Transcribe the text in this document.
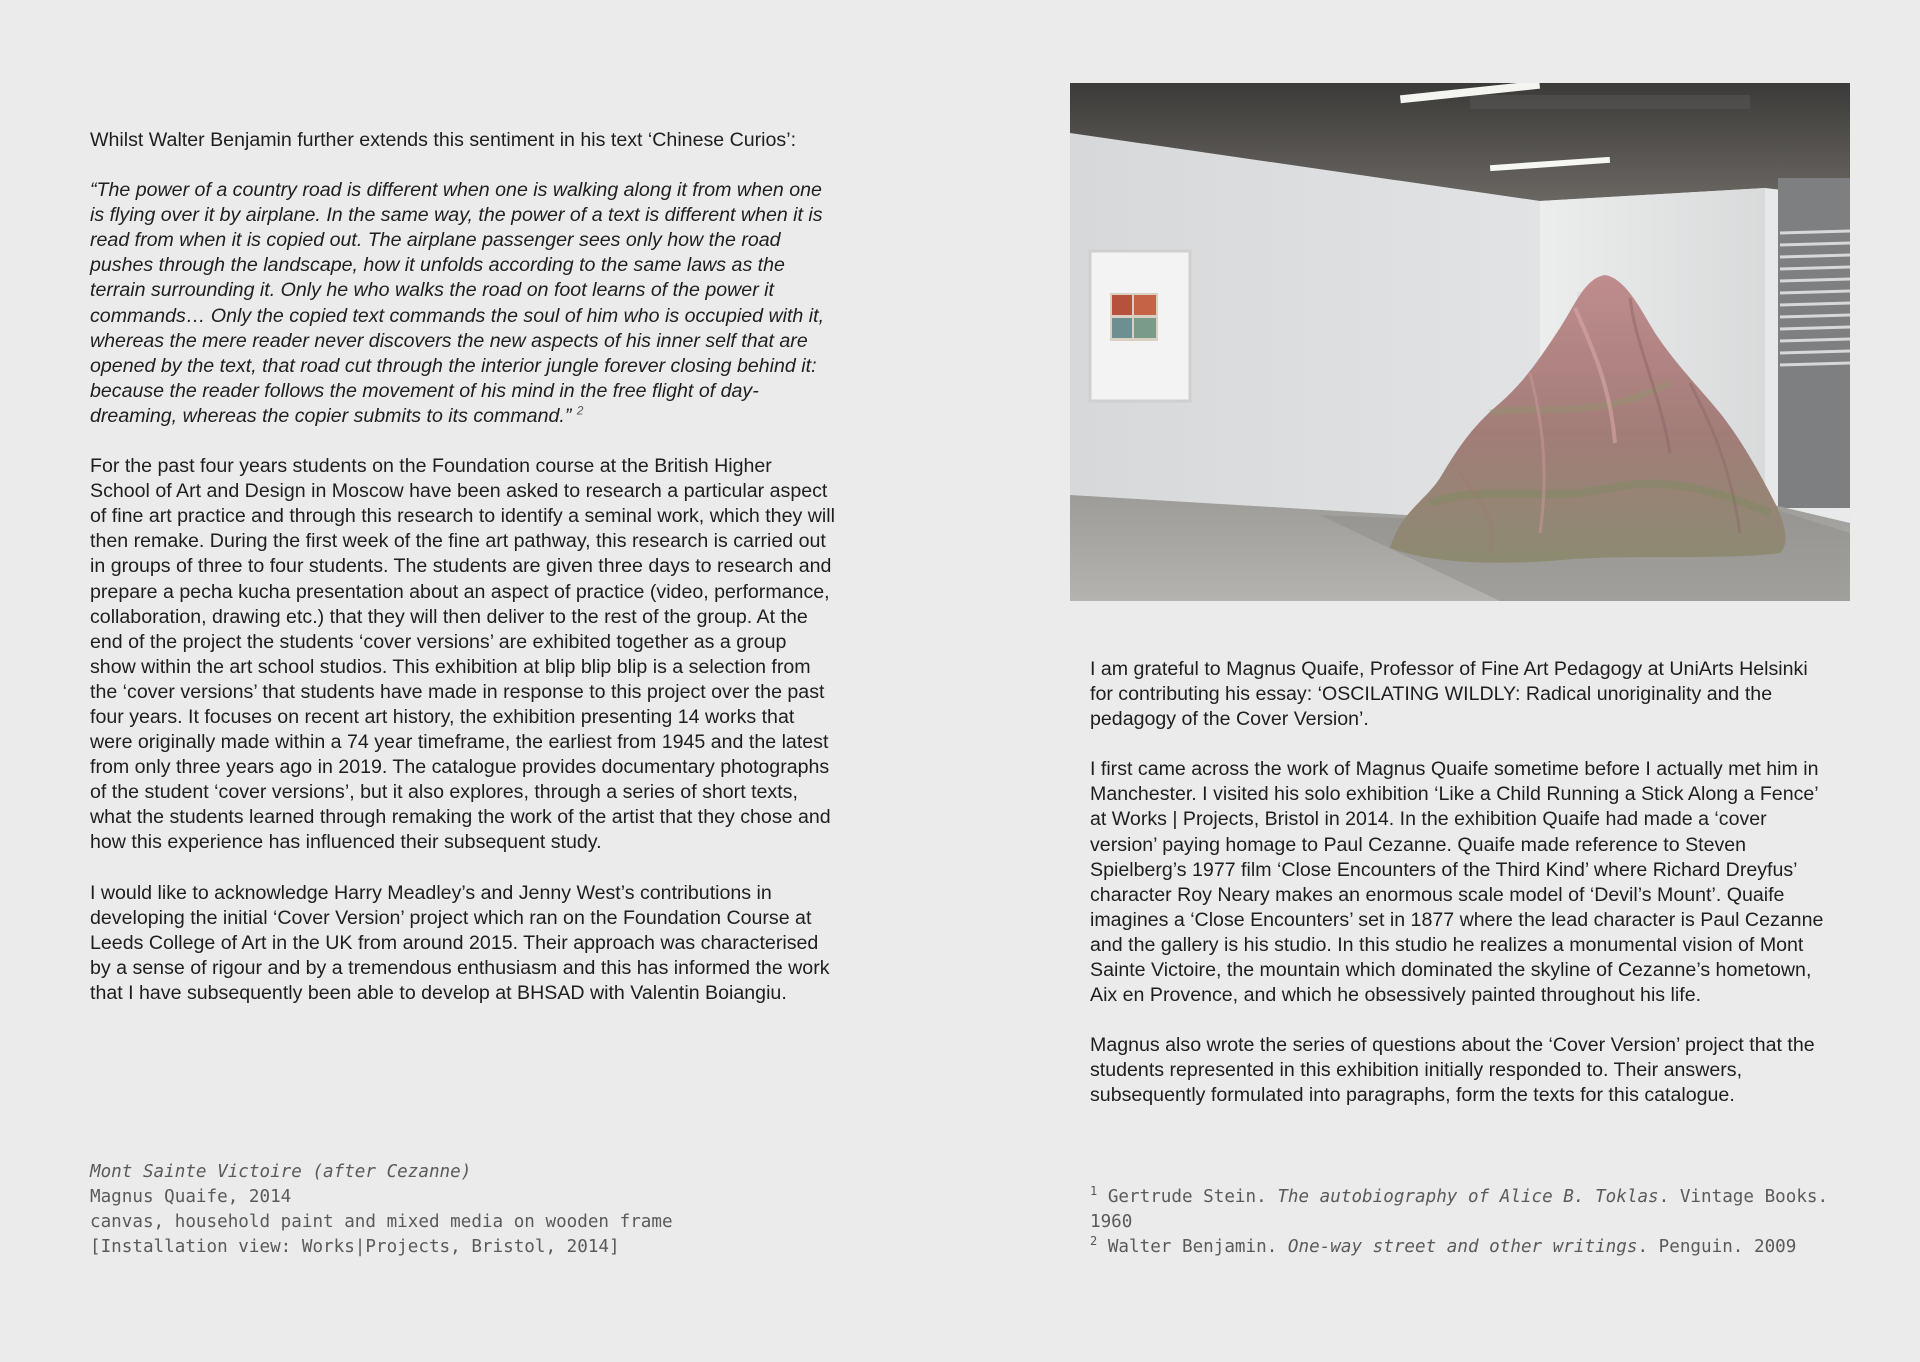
Whilst Walter Benjamin further extends this sentiment in his text ‘Chinese Curios’:

“The power of a country road is different when one is walking along it from when one is flying over it by airplane. In the same way, the power of a text is different when it is read from when it is copied out. The airplane passenger sees only how the road pushes through the landscape, how it unfolds according to the same laws as the terrain surrounding it. Only he who walks the road on foot learns of the power it commands… Only the copied text commands the soul of him who is occupied with it, whereas the mere reader never discovers the new aspects of his inner self that are opened by the text, that road cut through the interior jungle forever closing behind it: because the reader follows the movement of his mind in the free flight of day-dreaming, whereas the copier submits to its command.” $^2$

For the past four years students on the Foundation course at the British Higher School of Art and Design in Moscow have been asked to research a particular aspect of fine art practice and through this research to identify a seminal work, which they will then remake. During the first week of the fine art pathway, this research is carried out in groups of three to four students. The students are given three days to research and prepare a pecha kucha presentation about an aspect of practice (video, performance, collaboration, drawing etc.) that they will then deliver to the rest of the group. At the end of the project the students ‘cover versions’ are exhibited together as a group show within the art school studios. This exhibition at blip blip blip is a selection from the ‘cover versions’ that students have made in response to this project over the past four years. It focuses on recent art history, the exhibition presenting 14 works that were originally made within a 74 year timeframe, the earliest from 1945 and the latest from only three years ago in 2019. The catalogue provides documentary photographs of the student ‘cover versions’, but it also explores, through a series of short texts, what the students learned through remaking the work of the artist that they chose and how this experience has influenced their subsequent study.

I would like to acknowledge Harry Meadley’s and Jenny West’s contributions in developing the initial ‘Cover Version’ project which ran on the Foundation Course at Leeds College of Art in the UK from around 2015. Their approach was characterised by a sense of rigour and by a tremendous enthusiasm and this has informed the work that I have subsequently been able to develop at BHSAD with Valentin Boiangiu.

Mont Sainte Victoire (after Cezanne)
Magnus Quaife, 2014
canvas, household paint and mixed media on wooden frame
[Installation view: Works|Projects, Bristol, 2014]

I am grateful to Magnus Quaife, Professor of Fine Art Pedagogy at UniArts Helsinki for contributing his essay: ‘OSCILATING WILDLY: Radical unoriginality and the pedagogy of the Cover Version’.

I first came across the work of Magnus Quaife sometime before I actually met him in Manchester. I visited his solo exhibition ‘Like a Child Running a Stick Along a Fence’ at Works | Projects, Bristol in 2014. In the exhibition Quaife had made a ‘cover version’ paying homage to Paul Cezanne. Quaife made reference to Steven Spielberg’s 1977 film ‘Close Encounters of the Third Kind’ where Richard Dreyfus’ character Roy Neary makes an enormous scale model of ‘Devil’s Mount’. Quaife imagines a ‘Close Encounters’ set in 1877 where the lead character is Paul Cezanne and the gallery is his studio. In this studio he realizes a monumental vision of Mont Sainte Victoire, the mountain which dominated the skyline of Cezanne’s hometown, Aix en Provence, and which he obsessively painted throughout his life.

Magnus also wrote the series of questions about the ‘Cover Version’ project that the students represented in this exhibition initially responded to. Their answers, subsequently formulated into paragraphs, form the texts for this catalogue.

$^1$ Gertrude Stein. The autobiography of Alice B. Toklas. Vintage Books. 1960
$^2$ Walter Benjamin. One-way street and other writings. Penguin. 2009
